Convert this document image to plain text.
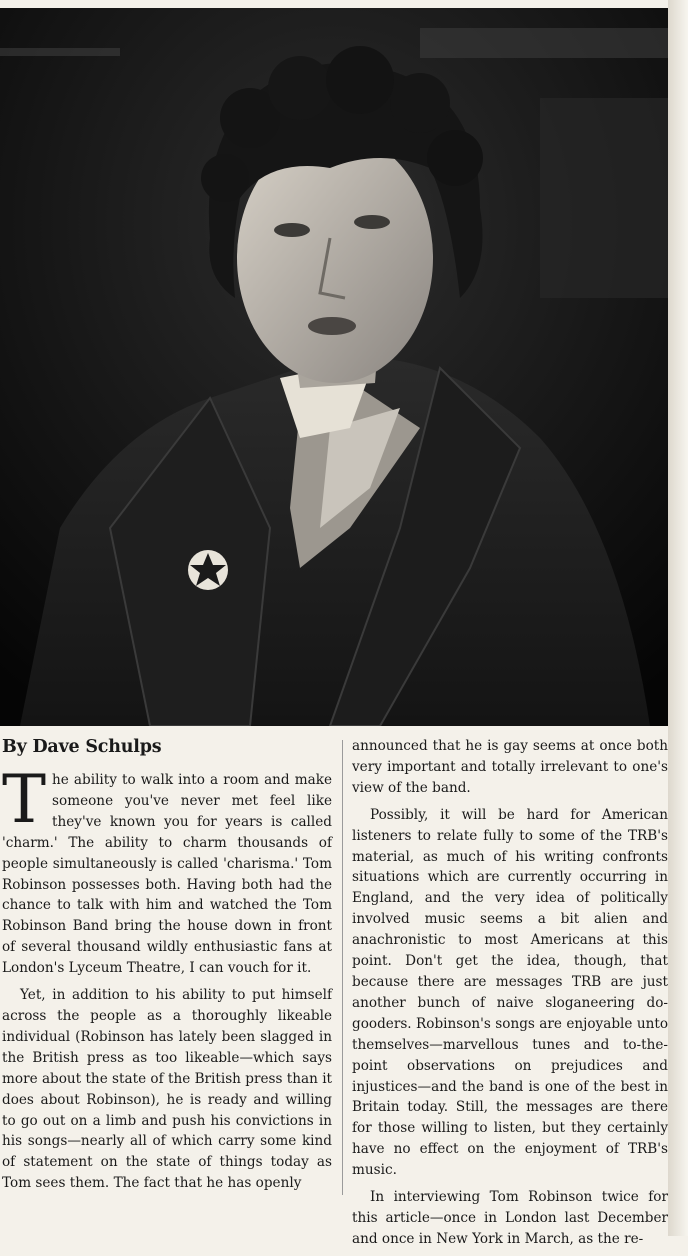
By Dave Schulps

The ability to walk into a room and make someone you've never met feel like they've known you for years is called 'charm.' The ability to charm thousands of people simultaneously is called 'charisma.' Tom Robinson possesses both. Having both had the chance to talk with him and watched the Tom Robinson Band bring the house down in front of several thousand wildly enthusiastic fans at London's Lyceum Theatre, I can vouch for it.

Yet, in addition to his ability to put himself across the people as a thoroughly likeable individual (Robinson has lately been slagged in the British press as too likeable—which says more about the state of the British press than it does about Robinson), he is ready and willing to go out on a limb and push his convictions in his songs—nearly all of which carry some kind of statement on the state of things today as Tom sees them. The fact that he has openly

announced that he is gay seems at once both very important and totally irrelevant to one's view of the band.

Possibly, it will be hard for American listeners to relate fully to some of the TRB's material, as much of his writing confronts situations which are currently occurring in England, and the very idea of politically involved music seems a bit alien and anachronistic to most Americans at this point. Don't get the idea, though, that because there are messages TRB are just another bunch of naive sloganeering do-gooders. Robinson's songs are enjoyable unto themselves—marvellous tunes and to-the-point observations on prejudices and injustices—and the band is one of the best in Britain today. Still, the messages are there for those willing to listen, but they certainly have no effect on the enjoyment of TRB's music.

In interviewing Tom Robinson twice for this article—once in London last December and once in New York in March, as the re-
